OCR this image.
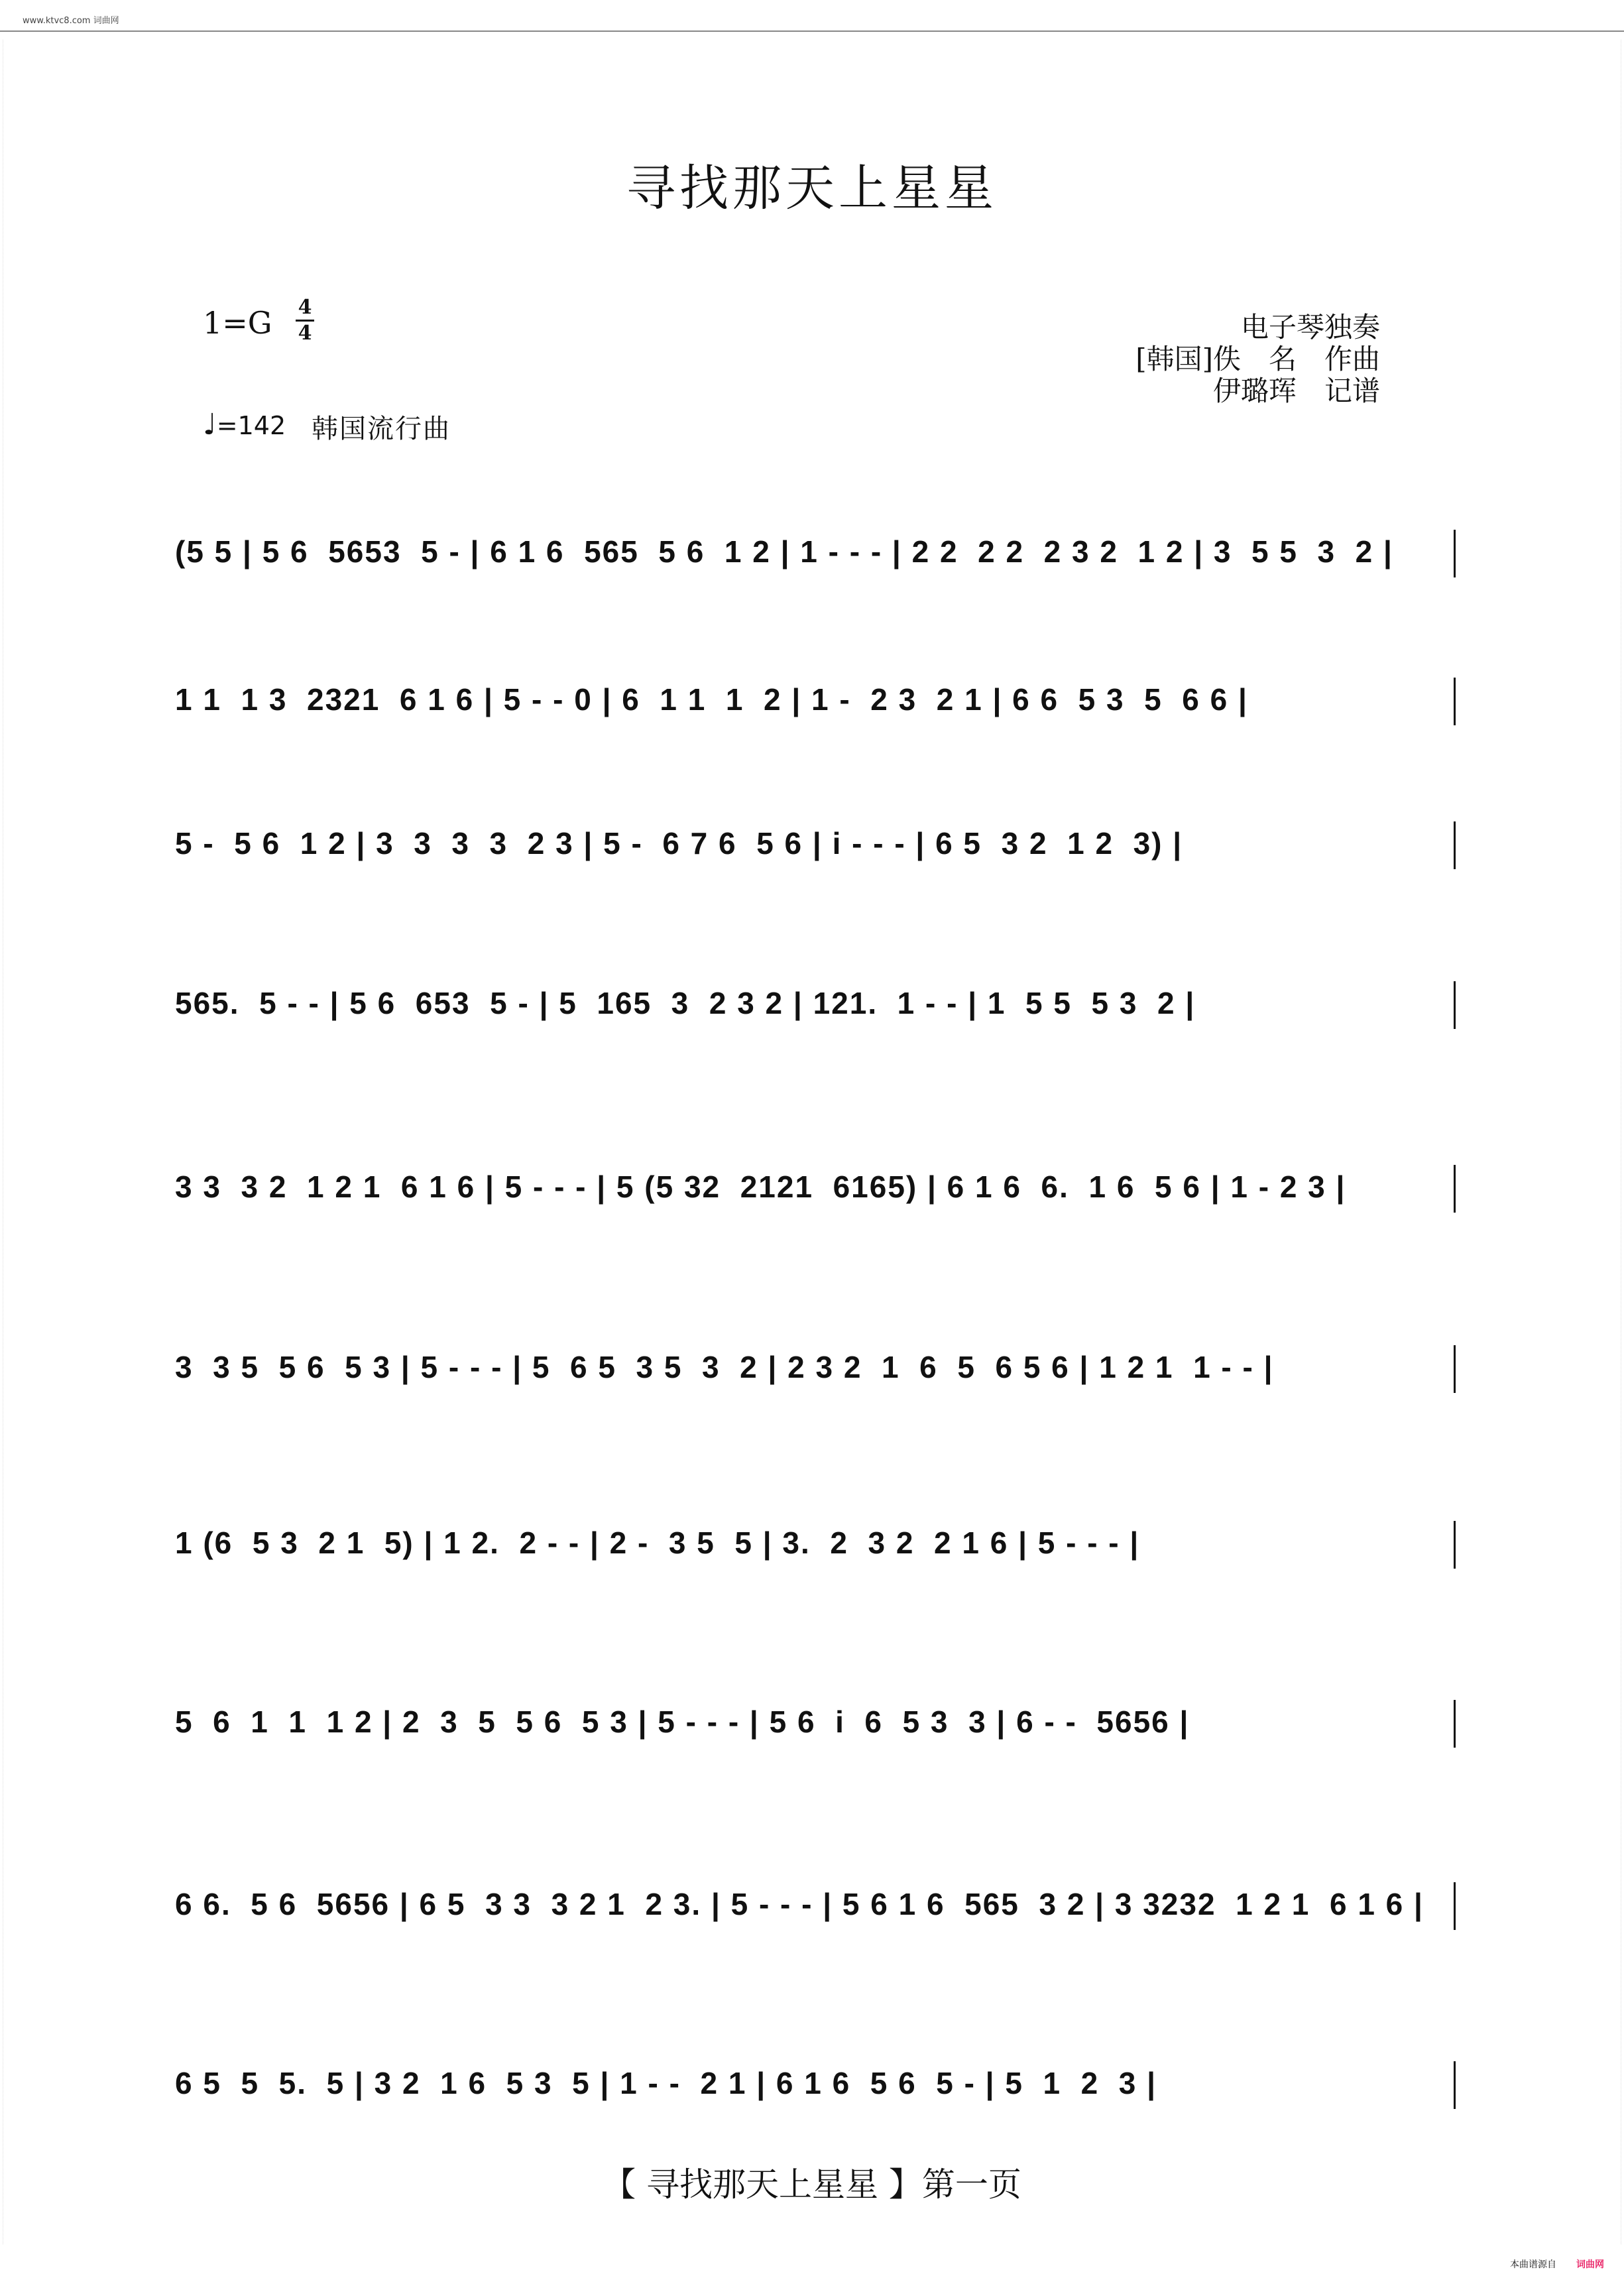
www.ktvc8.com 词曲网
寻找那天上星星
1=G 4
4
♩=142 韩国流行曲
电子琴独奏
[韩国]佚　名　作曲
伊璐珲　记谱
(5 5 | 5 6  5653  5 - | 6 1 6  565  5 6  1 2 | 1 - - - | 2 2  2 2  2 3 2  1 2 | 3  5 5  3  2 |
1 1  1 3  2321  6 1 6 | 5 - - 0 | 6  1 1  1  2 | 1 -  2 3  2 1 | 6 6  5 3  5  6 6 |
5 -  5 6  1 2 | 3  3  3  3  2 3 | 5 -  6 7 6  5 6 | i - - - | 6 5  3 2  1 2  3) |
565.  5 - - | 5 6  653  5 - | 5  165  3  2 3 2 | 121.  1 - - | 1  5 5  5 3  2 |
3 3  3 2  1 2 1  6 1 6 | 5 - - - | 5 (5 32  2121  6165) | 6 1 6  6.  1 6  5 6 | 1 - 2 3 |
3  3 5  5 6  5 3 | 5 - - - | 5  6 5  3 5  3  2 | 2 3 2  1  6  5  6 5 6 | 1 2 1  1 - - |
1 (6  5 3  2 1  5) | 1 2.  2 - - | 2 -  3 5  5 | 3.  2  3 2  2 1 6 | 5 - - - |
5  6  1  1  1 2 | 2  3  5  5 6  5 3 | 5 - - - | 5 6  i  6  5 3  3 | 6 - -  5656 |
6 6.  5 6  5656 | 6 5  3 3  3 2 1  2 3. | 5 - - - | 5 6 1 6  565  3 2 | 3 3232  1 2 1  6 1 6 |
6 5  5  5.  5 | 3 2  1 6  5 3  5 | 1 - -  2 1 | 6 1 6  5 6  5 - | 5  1  2  3 |
【 寻找那天上星星 】第一页
本曲谱源自 词曲网
